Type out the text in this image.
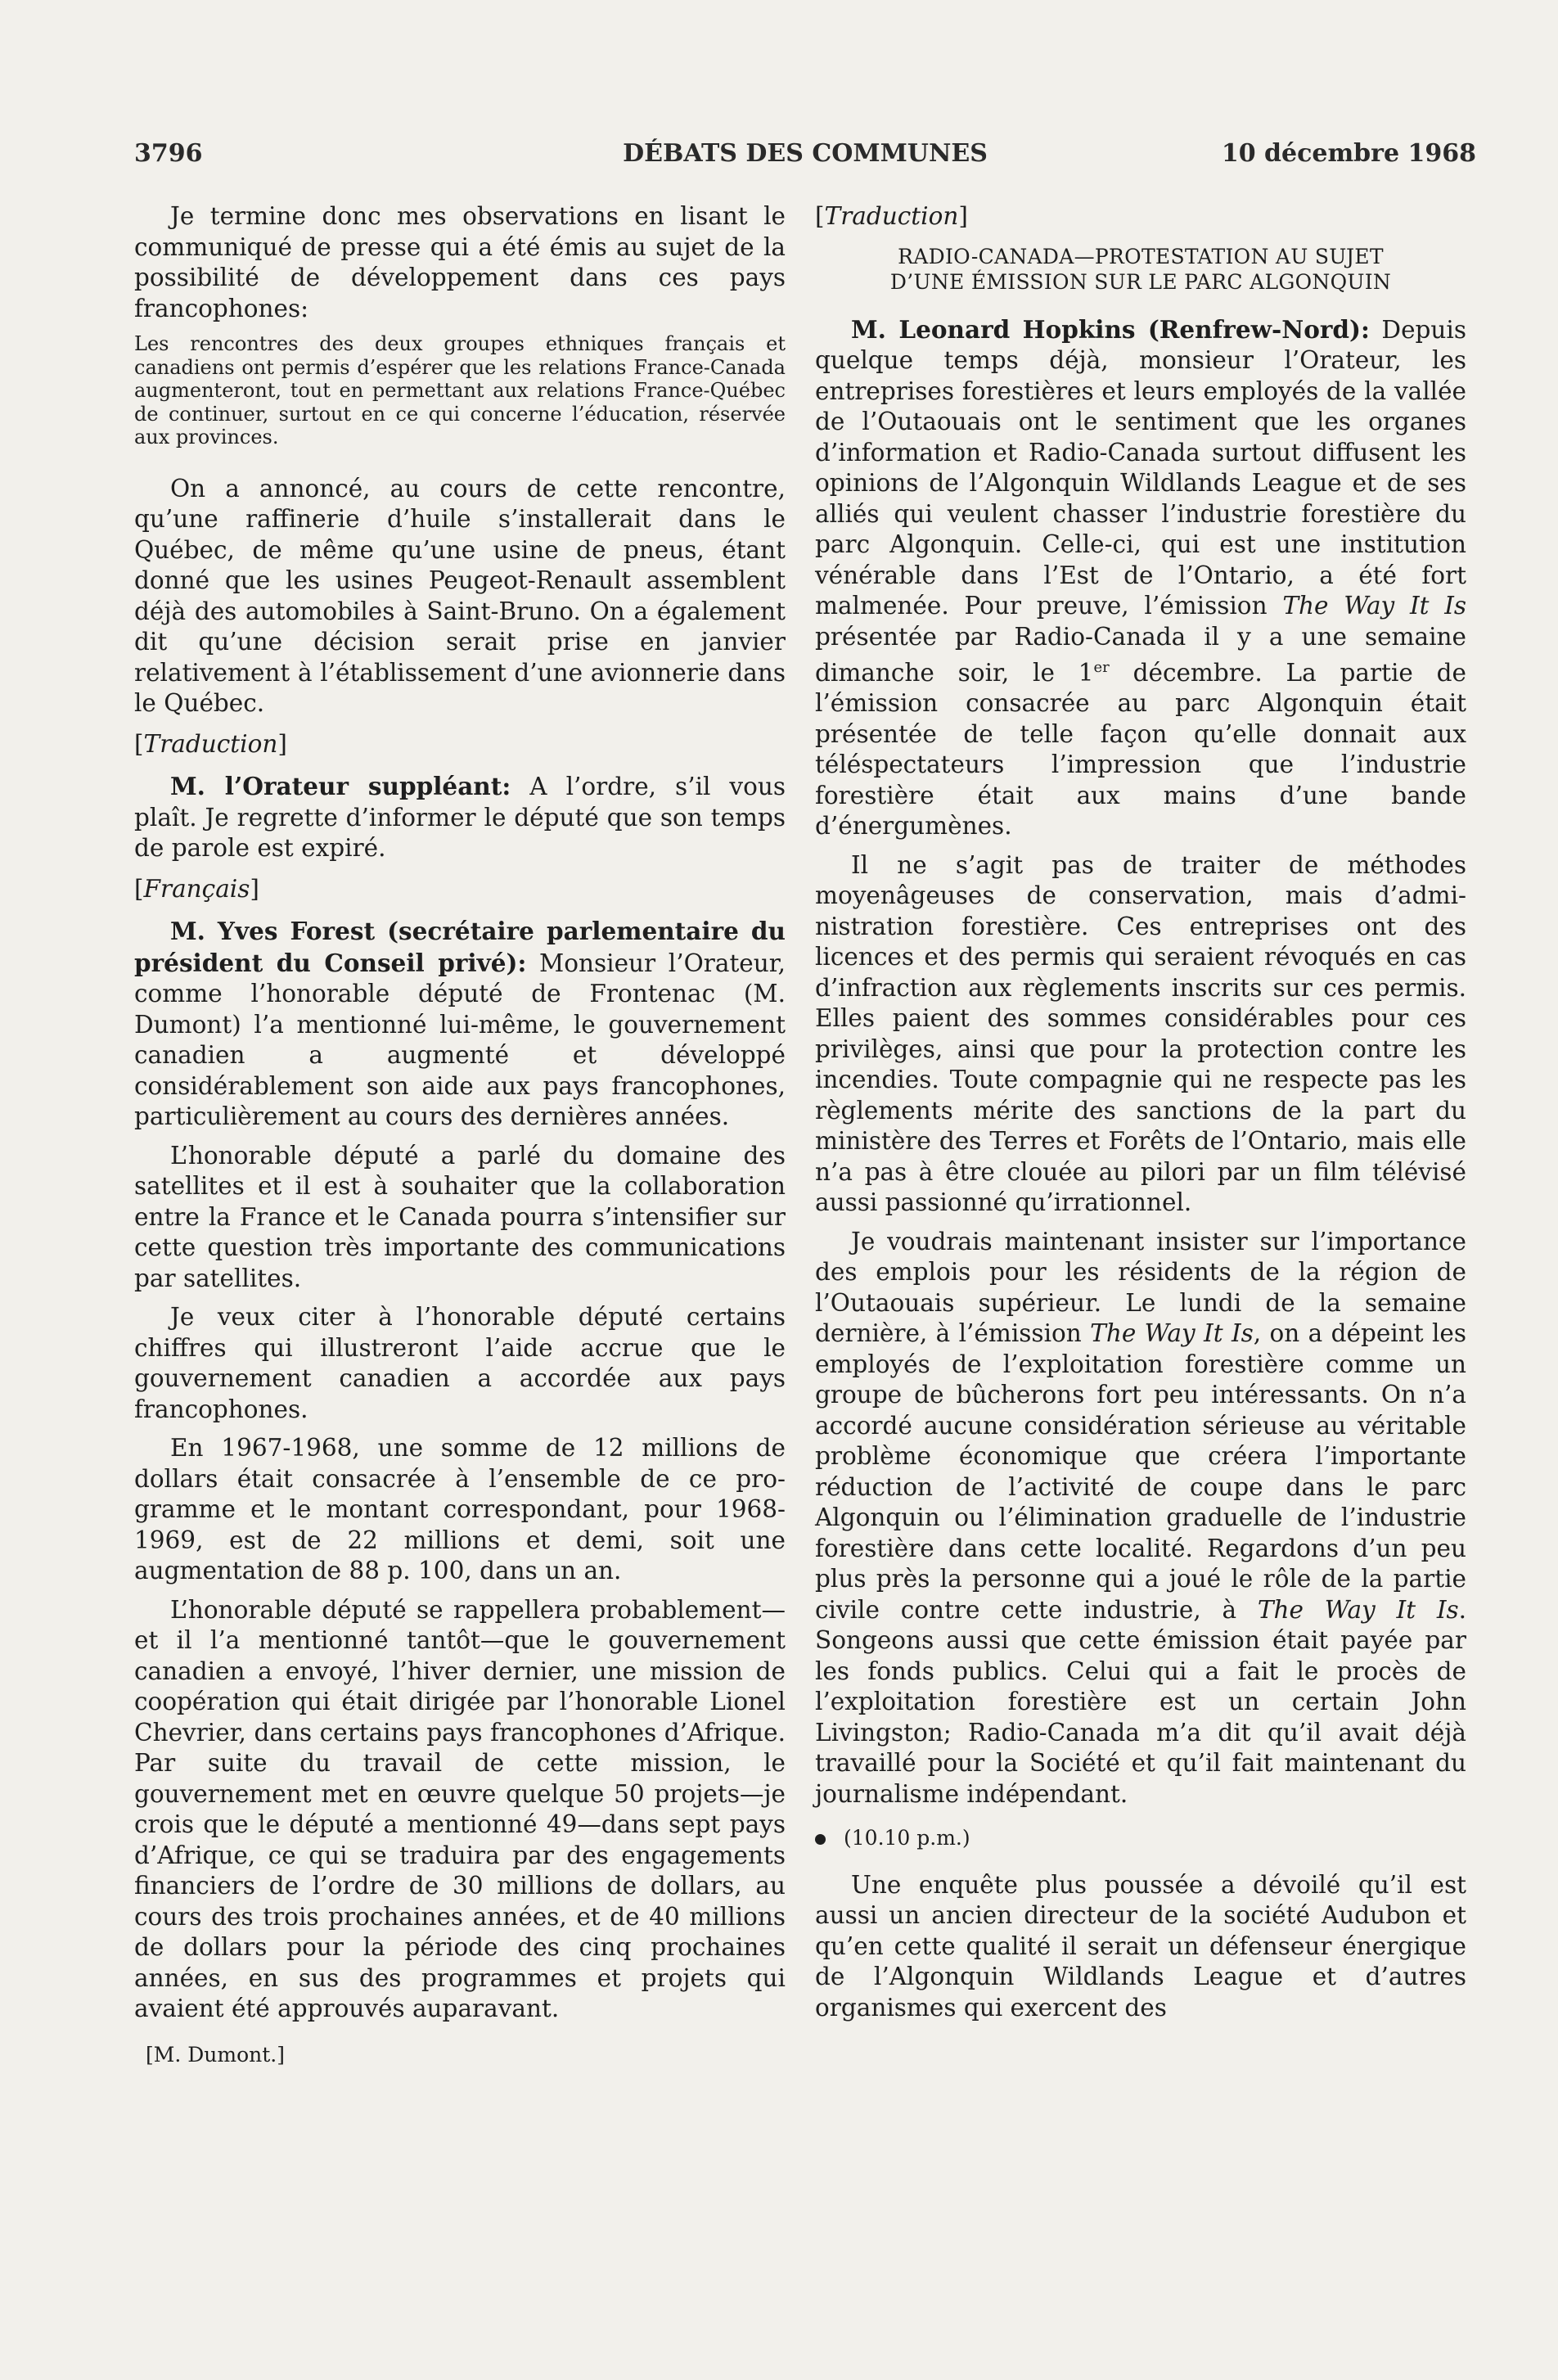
3796	DÉBATS DES COMMUNES	10 décembre 1968

Je termine donc mes observations en lisant le communiqué de presse qui a été émis au sujet de la possibilité de développement dans ces pays francophones:

Les rencontres des deux groupes ethniques français et canadiens ont permis d’espérer que les relations France-Canada augmenteront, tout en permettant aux relations France-Québec de continuer, surtout en ce qui concerne l’éducation, réservée aux provinces.

On a annoncé, au cours de cette rencontre, qu’une raffinerie d’huile s’installerait dans le Québec, de même qu’une usine de pneus, étant donné que les usines Peugeot-Renault assemblent déjà des automobiles à Saint-Bruno. On a également dit qu’une décision serait prise en janvier relativement à l’établissement d’une avionnerie dans le Québec.

[Traduction]

M. l’Orateur suppléant: A l’ordre, s’il vous plaît. Je regrette d’informer le député que son temps de parole est expiré.

[Français]

M. Yves Forest (secrétaire parlementaire du président du Conseil privé): Monsieur l’Orateur, comme l’honorable député de Frontenac (M. Dumont) l’a mentionné lui-même, le gouvernement canadien a augmenté et développé considérablement son aide aux pays francophones, particulièrement au cours des dernières années.

L’honorable député a parlé du domaine des satellites et il est à souhaiter que la collaboration entre la France et le Canada pourra s’intensifier sur cette question très importante des communications par satellites.

Je veux citer à l’honorable député certains chiffres qui illustreront l’aide accrue que le gouvernement canadien a accordée aux pays francophones.

En 1967-1968, une somme de 12 millions de dollars était consacrée à l’ensemble de ce programme et le montant correspondant, pour 1968-1969, est de 22 millions et demi, soit une augmentation de 88 p. 100, dans un an.

L’honorable député se rappellera probablement—et il l’a mentionné tantôt—que le gouvernement canadien a envoyé, l’hiver dernier, une mission de coopération qui était dirigée par l’honorable Lionel Chevrier, dans certains pays francophones d’Afrique. Par suite du travail de cette mission, le gouvernement met en œuvre quelque 50 projets—je crois que le député a mentionné 49—dans sept pays d’Afrique, ce qui se traduira par des engagements financiers de l’ordre de 30 millions de dollars, au cours des trois prochaines années, et de 40 millions de dollars pour la période des cinq prochaines années, en sus des programmes et projets qui avaient été approuvés auparavant.

[M. Dumont.]

[Traduction]

RADIO-CANADA—PROTESTATION AU SUJET
D’UNE ÉMISSION SUR LE PARC ALGONQUIN

M. Leonard Hopkins (Renfrew-Nord): Depuis quelque temps déjà, monsieur l’Orateur, les entreprises forestières et leurs employés de la vallée de l’Outaouais ont le sentiment que les organes d’information et Radio-Canada surtout diffusent les opinions de l’Algonquin Wildlands League et de ses alliés qui veulent chasser l’industrie forestière du parc Algonquin. Celle-ci, qui est une institution vénérable dans l’Est de l’Ontario, a été fort malmenée. Pour preuve, l’émission The Way It Is présentée par Radio-Canada il y a une semaine dimanche soir, le 1er décembre. La partie de l’émission consacrée au parc Algonquin était présentée de telle façon qu’elle donnait aux téléspectateurs l’impression que l’industrie forestière était aux mains d’une bande d’énergumènes.

Il ne s’agit pas de traiter de méthodes moyenâgeuses de conservation, mais d’administration forestière. Ces entreprises ont des licences et des permis qui seraient révoqués en cas d’infraction aux règlements inscrits sur ces permis. Elles paient des sommes considérables pour ces privilèges, ainsi que pour la protection contre les incendies. Toute compagnie qui ne respecte pas les règlements mérite des sanctions de la part du ministère des Terres et Forêts de l’Ontario, mais elle n’a pas à être clouée au pilori par un film télévisé aussi passionné qu’irrationnel.

Je voudrais maintenant insister sur l’importance des emplois pour les résidents de la région de l’Outaouais supérieur. Le lundi de la semaine dernière, à l’émission The Way It Is, on a dépeint les employés de l’exploitation forestière comme un groupe de bûcherons fort peu intéressants. On n’a accordé aucune considération sérieuse au véritable problème économique que créera l’importante réduction de l’activité de coupe dans le parc Algonquin ou l’élimination graduelle de l’industrie forestière dans cette localité. Regardons d’un peu plus près la personne qui a joué le rôle de la partie civile contre cette industrie, à The Way It Is. Songeons aussi que cette émission était payée par les fonds publics. Celui qui a fait le procès de l’exploitation forestière est un certain John Livingston; Radio-Canada m’a dit qu’il avait déjà travaillé pour la Société et qu’il fait maintenant du journalisme indépendant.

(10.10 p.m.)

Une enquête plus poussée a dévoilé qu’il est aussi un ancien directeur de la société Audubon et qu’en cette qualité il serait un défenseur énergique de l’Algonquin Wildlands League et d’autres organismes qui exercent des
